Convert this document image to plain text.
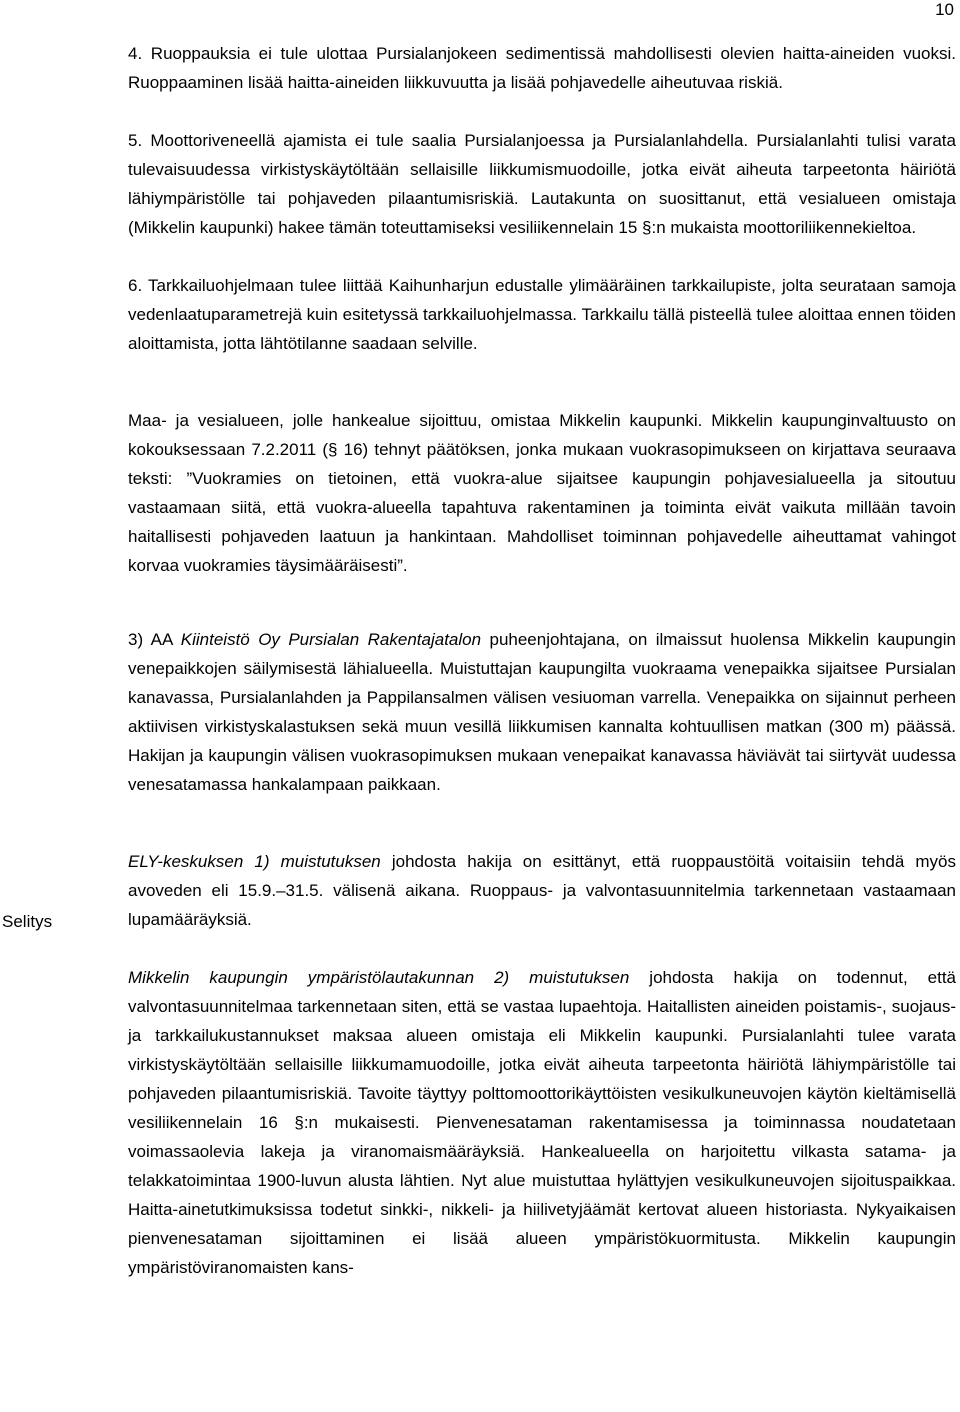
10
Selitys

4. Ruoppauksia ei tule ulottaa Pursialanjokeen sedimentissä mahdollisesti olevien haitta-aineiden vuoksi. Ruoppaaminen lisää haitta-aineiden liikkuvuutta ja lisää pohjavedelle aiheutuvaa riskiä.

5. Moottoriveneellä ajamista ei tule saalia Pursialanjoessa ja Pursialanlahdella. Pursialanlahti tulisi varata tulevaisuudessa virkistyskäytöltään sellaisille liikkumismuodoille, jotka eivät aiheuta tarpeetonta häiriötä lähiympäristölle tai pohjaveden pilaantumisriskiä. Lautakunta on suosittanut, että vesialueen omistaja (Mikkelin kaupunki) hakee tämän toteuttamiseksi vesiliikennelain 15 §:n mukaista moottoriliikennekieltoa.

6. Tarkkailuohjelmaan tulee liittää Kaihunharjun edustalle ylimääräinen tarkkailupiste, jolta seurataan samoja vedenlaatuparametrejä kuin esitetyssä tarkkailuohjelmassa. Tarkkailu tällä pisteellä tulee aloittaa ennen töiden aloittamista, jotta lähtötilanne saadaan selville.

Maa- ja vesialueen, jolle hankealue sijoittuu, omistaa Mikkelin kaupunki. Mikkelin kaupunginvaltuusto on kokouksessaan 7.2.2011 (§ 16) tehnyt päätöksen, jonka mukaan vuokrasopimukseen on kirjattava seuraava teksti: ”Vuokramies on tietoinen, että vuokra-alue sijaitsee kaupungin pohjavesialueella ja sitoutuu vastaamaan siitä, että vuokra-alueella tapahtuva rakentaminen ja toiminta eivät vaikuta millään tavoin haitallisesti pohjaveden laatuun ja hankintaan. Mahdolliset toiminnan pohjavedelle aiheuttamat vahingot korvaa vuokramies täysimääräisesti”.

3) AA Kiinteistö Oy Pursialan Rakentajatalon puheenjohtajana, on ilmaissut huolensa Mikkelin kaupungin venepaikkojen säilymisestä lähialueella. Muistuttajan kaupungilta vuokraama venepaikka sijaitsee Pursialan kanavassa, Pursialanlahden ja Pappilansalmen välisen vesiuoman varrella. Venepaikka on sijainnut perheen aktiivisen virkistyskalastuksen sekä muun vesillä liikkumisen kannalta kohtuullisen matkan (300 m) päässä. Hakijan ja kaupungin välisen vuokrasopimuksen mukaan venepaikat kanavassa häviävät tai siirtyvät uudessa venesatamassa hankalampaan paikkaan.

ELY-keskuksen 1) muistutuksen johdosta hakija on esittänyt, että ruoppaustöitä voitaisiin tehdä myös avoveden eli 15.9.–31.5. välisenä aikana. Ruoppaus- ja valvontasuunnitelmia tarkennetaan vastaamaan lupamääräyksiä.

Mikkelin kaupungin ympäristölautakunnan 2) muistutuksen johdosta hakija on todennut, että valvontasuunnitelmaa tarkennetaan siten, että se vastaa lupaehtoja. Haitallisten aineiden poistamis-, suojaus- ja tarkkailukustannukset maksaa alueen omistaja eli Mikkelin kaupunki. Pursialanlahti tulee varata virkistyskäytöltään sellaisille liikkumamuodoille, jotka eivät aiheuta tarpeetonta häiriötä lähiympäristölle tai pohjaveden pilaantumisriskiä. Tavoite täyttyy polttomoottorikäyttöisten vesikulkuneuvojen käytön kieltämisellä vesiliikennelain 16 §:n mukaisesti. Pienvenesataman rakentamisessa ja toiminnassa noudatetaan voimassaolevia lakeja ja viranomaismääräyksiä. Hankealueella on harjoitettu vilkasta satama- ja telakkatoimintaa 1900-luvun alusta lähtien. Nyt alue muistuttaa hylättyjen vesikulkuneuvojen sijoituspaikkaa. Haitta-ainetutkimuksissa todetut sinkki-, nikkeli- ja hiilivetyjäämät kertovat alueen historiasta. Nykyaikaisen pienvenesataman sijoittaminen ei lisää alueen ympäristökuormitusta. Mikkelin kaupungin ympäristöviranomaisten kans-
